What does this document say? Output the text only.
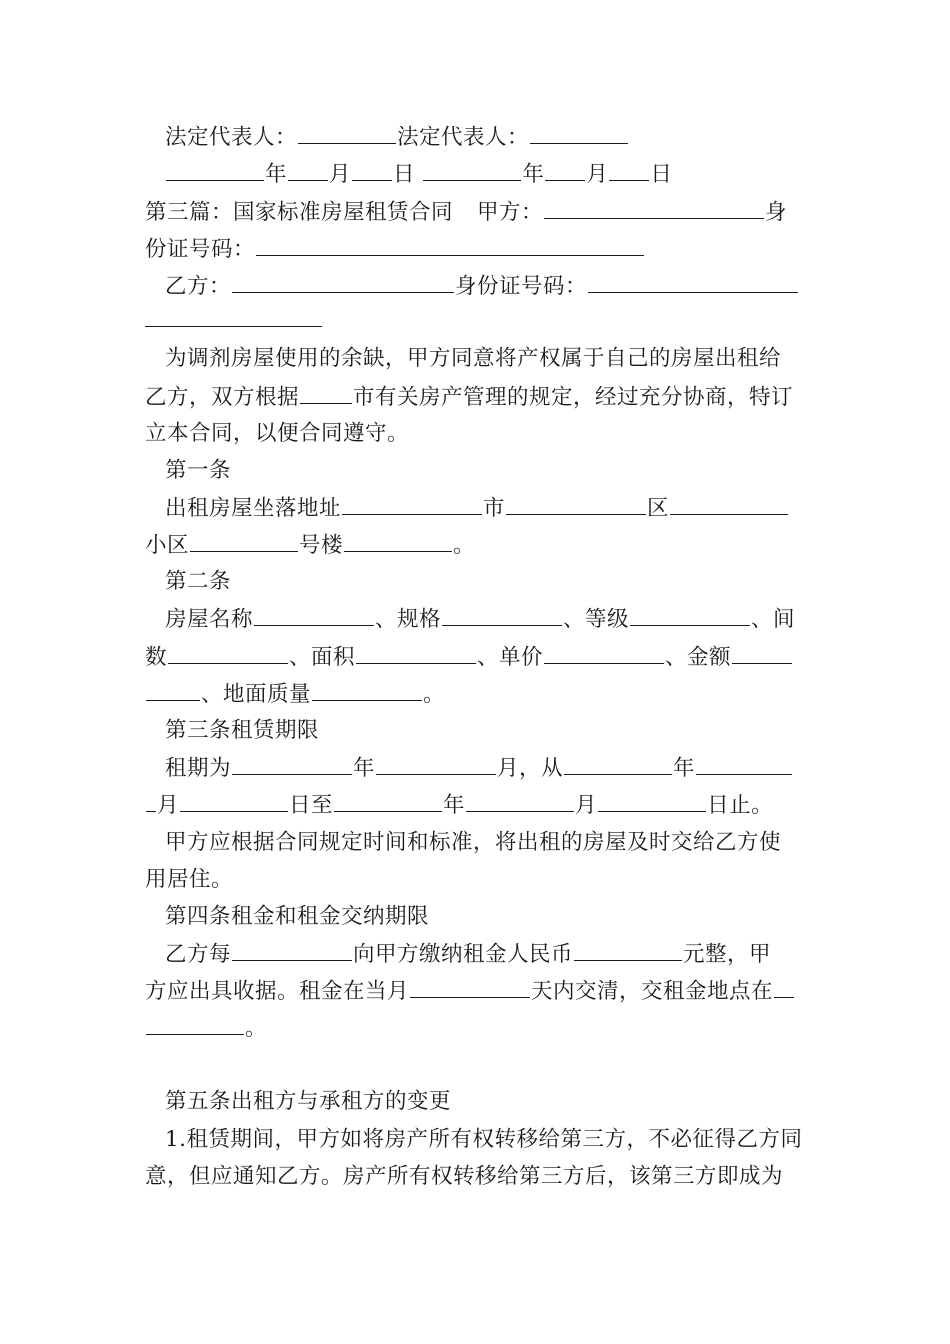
法定代表人：	法定代表人：
年 月 日	年 月 日
第三篇：国家标准房屋租赁合同 甲方：	身
份证号码：
乙方：	身份证号码：
为调剂房屋使用的余缺，甲方同意将产权属于自己的房屋出租给
乙方，双方根据	市有关房产管理的规定，经过充分协商，特订
立本合同，以便合同遵守。
第一条
出租房屋坐落地址	市	区
小区	号楼	。
第二条
房屋名称	、规格	、等级	、间
数	、面积	、单价	、金额
、地面质量	。
第三条租赁期限
租期为	年	月，从	年
月	日至	年	月	日止。
甲方应根据合同规定时间和标准，将出租的房屋及时交给乙方使
用居住。
第四条租金和租金交纳期限
乙方每	向甲方缴纳租金人民币	元整，甲
方应出具收据。租金在当月	天内交清，交租金地点在
。
第五条出租方与承租方的变更
1.租赁期间，甲方如将房产所有权转移给第三方，不必征得乙方同
意，但应通知乙方。房产所有权转移给第三方后，该第三方即成为
